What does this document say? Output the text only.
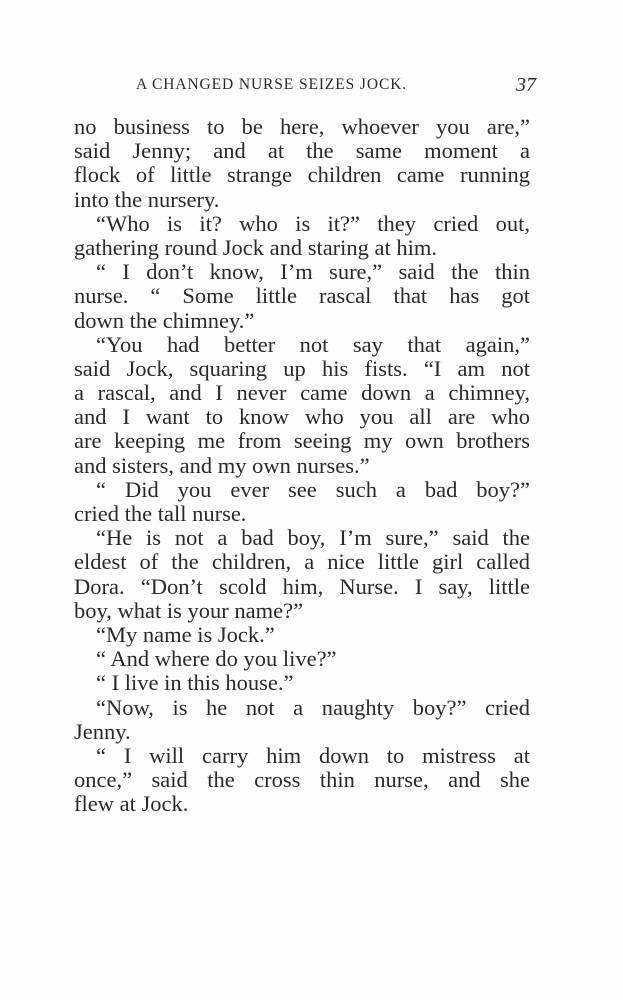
A CHANGED NURSE SEIZES JOCK.	37
no business to be here, whoever you are,”
said Jenny; and at the same moment a
flock of little strange children came running
into the nursery.
“Who is it? who is it?” they cried out,
gathering round Jock and staring at him.
“ I don’t know, I’m sure,” said the thin
nurse. “ Some little rascal that has got
down the chimney.”
“You had better not say that again,”
said Jock, squaring up his fists. “I am not
a rascal, and I never came down a chimney,
and I want to know who you all are who
are keeping me from seeing my own brothers
and sisters, and my own nurses.”
“ Did you ever see such a bad boy?”
cried the tall nurse.
“He is not a bad boy, I’m sure,” said the
eldest of the children, a nice little girl called
Dora. “Don’t scold him, Nurse. I say, little
boy, what is your name?”
“My name is Jock.”
“ And where do you live?”
“ I live in this house.”
“Now, is he not a naughty boy?” cried
Jenny.
“ I will carry him down to mistress at
once,” said the cross thin nurse, and she
flew at Jock.
